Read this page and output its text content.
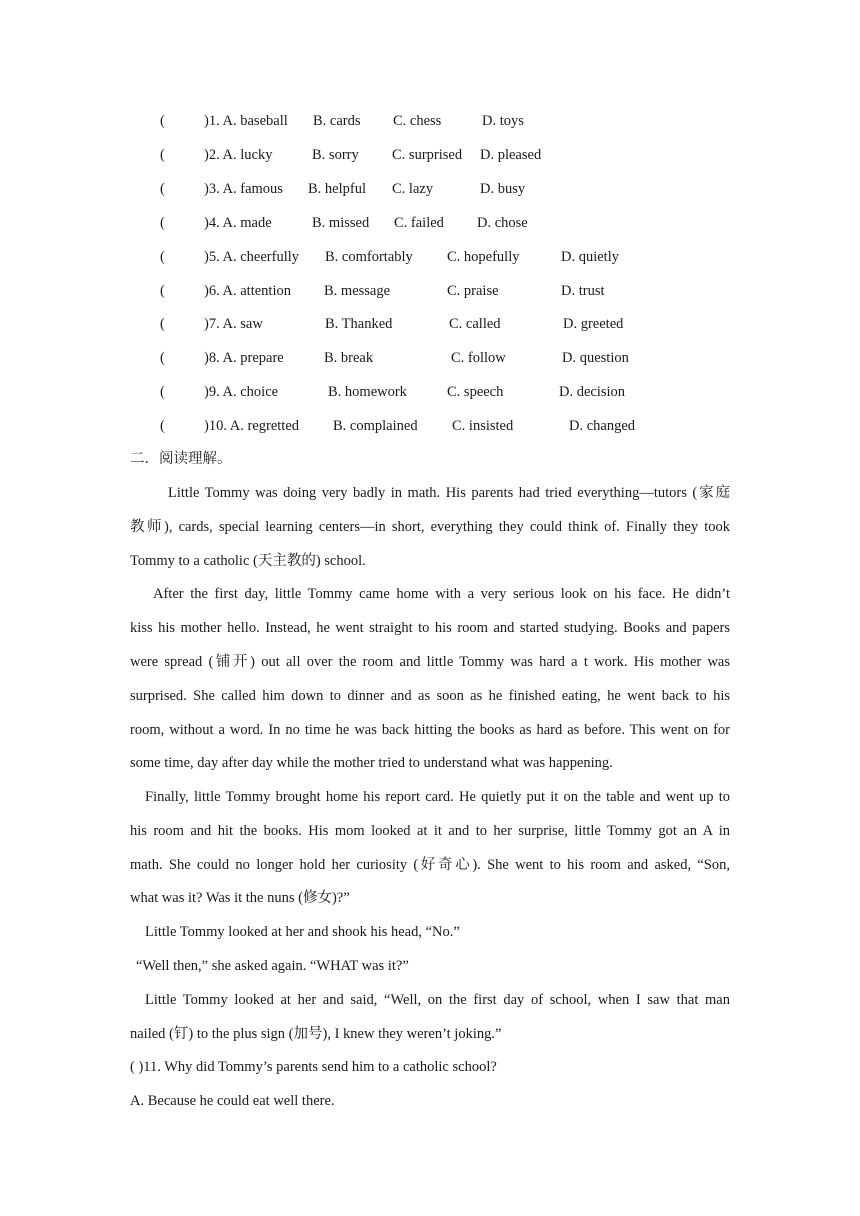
(	)1. A. baseball B. cards C. chess	D. toys
(	)2. A. lucky	B. sorry C. surprised D. pleased
(	)3. A. famous B. helpful C. lazy	D. busy
(	)4. A. made	B. missed C. failed D. chose
(	)5. A. cheerfully B. comfortably C. hopefully	D. quietly
(	)6. A. attention B. message	C. praise	D. trust
(	)7. A. saw	B. Thanked	C. called	D. greeted
(	)8. A. prepare	B. break	C. follow	D. question
(	)9. A. choice	B. homework	C. speech	D. decision
(	)10. A. regretted B. complained C. insisted	D. changed
二．阅读理解。
Little Tommy was doing very badly in math. His parents had tried everything—tutors (家庭
教师), cards, special learning centers—in short, everything they could think of. Finally they took
Tommy to a catholic (天主教的) school.
After the first day, little Tommy came home with a very serious look on his face. He didn’t
kiss his mother hello. Instead, he went straight to his room and started studying. Books and papers
were spread (铺开) out all over the room and little Tommy was hard a t work. His mother was
surprised. She called him down to dinner and as soon as he finished eating, he went back to his
room, without a word. In no time he was back hitting the books as hard as before. This went on for
some time, day after day while the mother tried to understand what was happening.
Finally, little Tommy brought home his report card. He quietly put it on the table and went up to
his room and hit the books. His mom looked at it and to her surprise, little Tommy got an A in
math. She could no longer hold her curiosity (好奇心). She went to his room and asked, “Son,
what was it? Was it the nuns (修女)?”
Little Tommy looked at her and shook his head, “No.”
“Well then,” she asked again. “WHAT was it?”
Little Tommy looked at her and said, “Well, on the first day of school, when I saw that man
nailed (钉) to the plus sign (加号), I knew they weren’t joking.”
( )11. Why did Tommy’s parents send him to a catholic school?
A. Because he could eat well there.
